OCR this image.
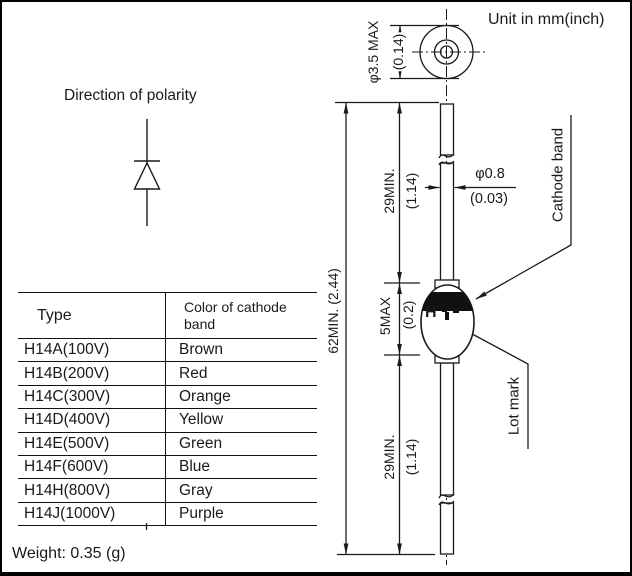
Unit in mm(inch)
Direction of polarity
φ3.5 MAX (0.14)
29MIN. (1.14)	φ0.8
(0.03)
5MAX (0.2)
29MIN. (1.14)
62MIN. (2.44)
Cathode band
Lot mark
H
Weight: 0.35 (g)
Type	Color of cathode band
H14A(100V)	Brown
H14B(200V)	Red
H14C(300V)	Orange
H14D(400V)	Yellow
H14E(500V)	Green
H14F(600V)	Blue
H14H(800V)	Gray
H14J(1000V)	Purple
